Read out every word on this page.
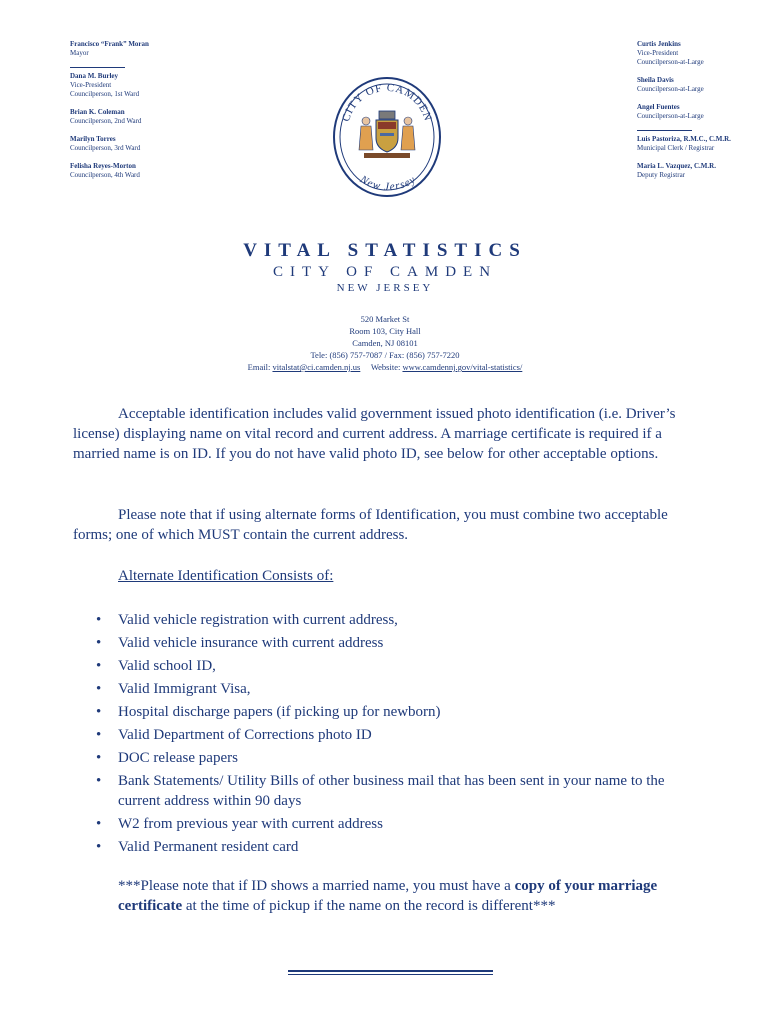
Francisco “Frank” Moran
Mayor
Dana M. Burley
Vice-President
Councilperson, 1st Ward
Brian K. Coleman
Councilperson, 2nd Ward
Marilyn Torres
Councilperson, 3rd Ward
Felisha Reyes-Morton
Councilperson, 4th Ward
Curtis Jenkins
Vice-President
Councilperson-at-Large
Sheila Davis
Councilperson-at-Large
Angel Fuentes
Councilperson-at-Large
Luis Pastoriza, R.M.C., C.M.R.
Municipal Clerk / Registrar
Maria L. Vazquez, C.M.R.
Deputy Registrar
CITY OF CAMDEN
New Jersey
VITAL STATISTICS
CITY OF CAMDEN
NEW JERSEY
520 Market St
Room 103, City Hall
Camden, NJ 08101
Tele: (856) 757-7087 / Fax: (856) 757-7220
Email: vitalstat@ci.camden.nj.us Website: www.camdennj.gov/vital-statistics/
Acceptable identification includes valid government issued photo identification (i.e. Driver’s license) displaying name on vital record and current address. A marriage certificate is required if a married name is on ID. If you do not have valid photo ID, see below for other acceptable options.
Please note that if using alternate forms of Identification, you must combine two acceptable forms; one of which MUST contain the current address.
Alternate Identification Consists of:
• Valid vehicle registration with current address,
• Valid vehicle insurance with current address
• Valid school ID,
• Valid Immigrant Visa,
• Hospital discharge papers (if picking up for newborn)
• Valid Department of Corrections photo ID
• DOC release papers
• Bank Statements/ Utility Bills of other business mail that has been sent in your name to the current address within 90 days
• W2 from previous year with current address
• Valid Permanent resident card
***Please note that if ID shows a married name, you must have a copy of your marriage certificate at the time of pickup if the name on the record is different***
